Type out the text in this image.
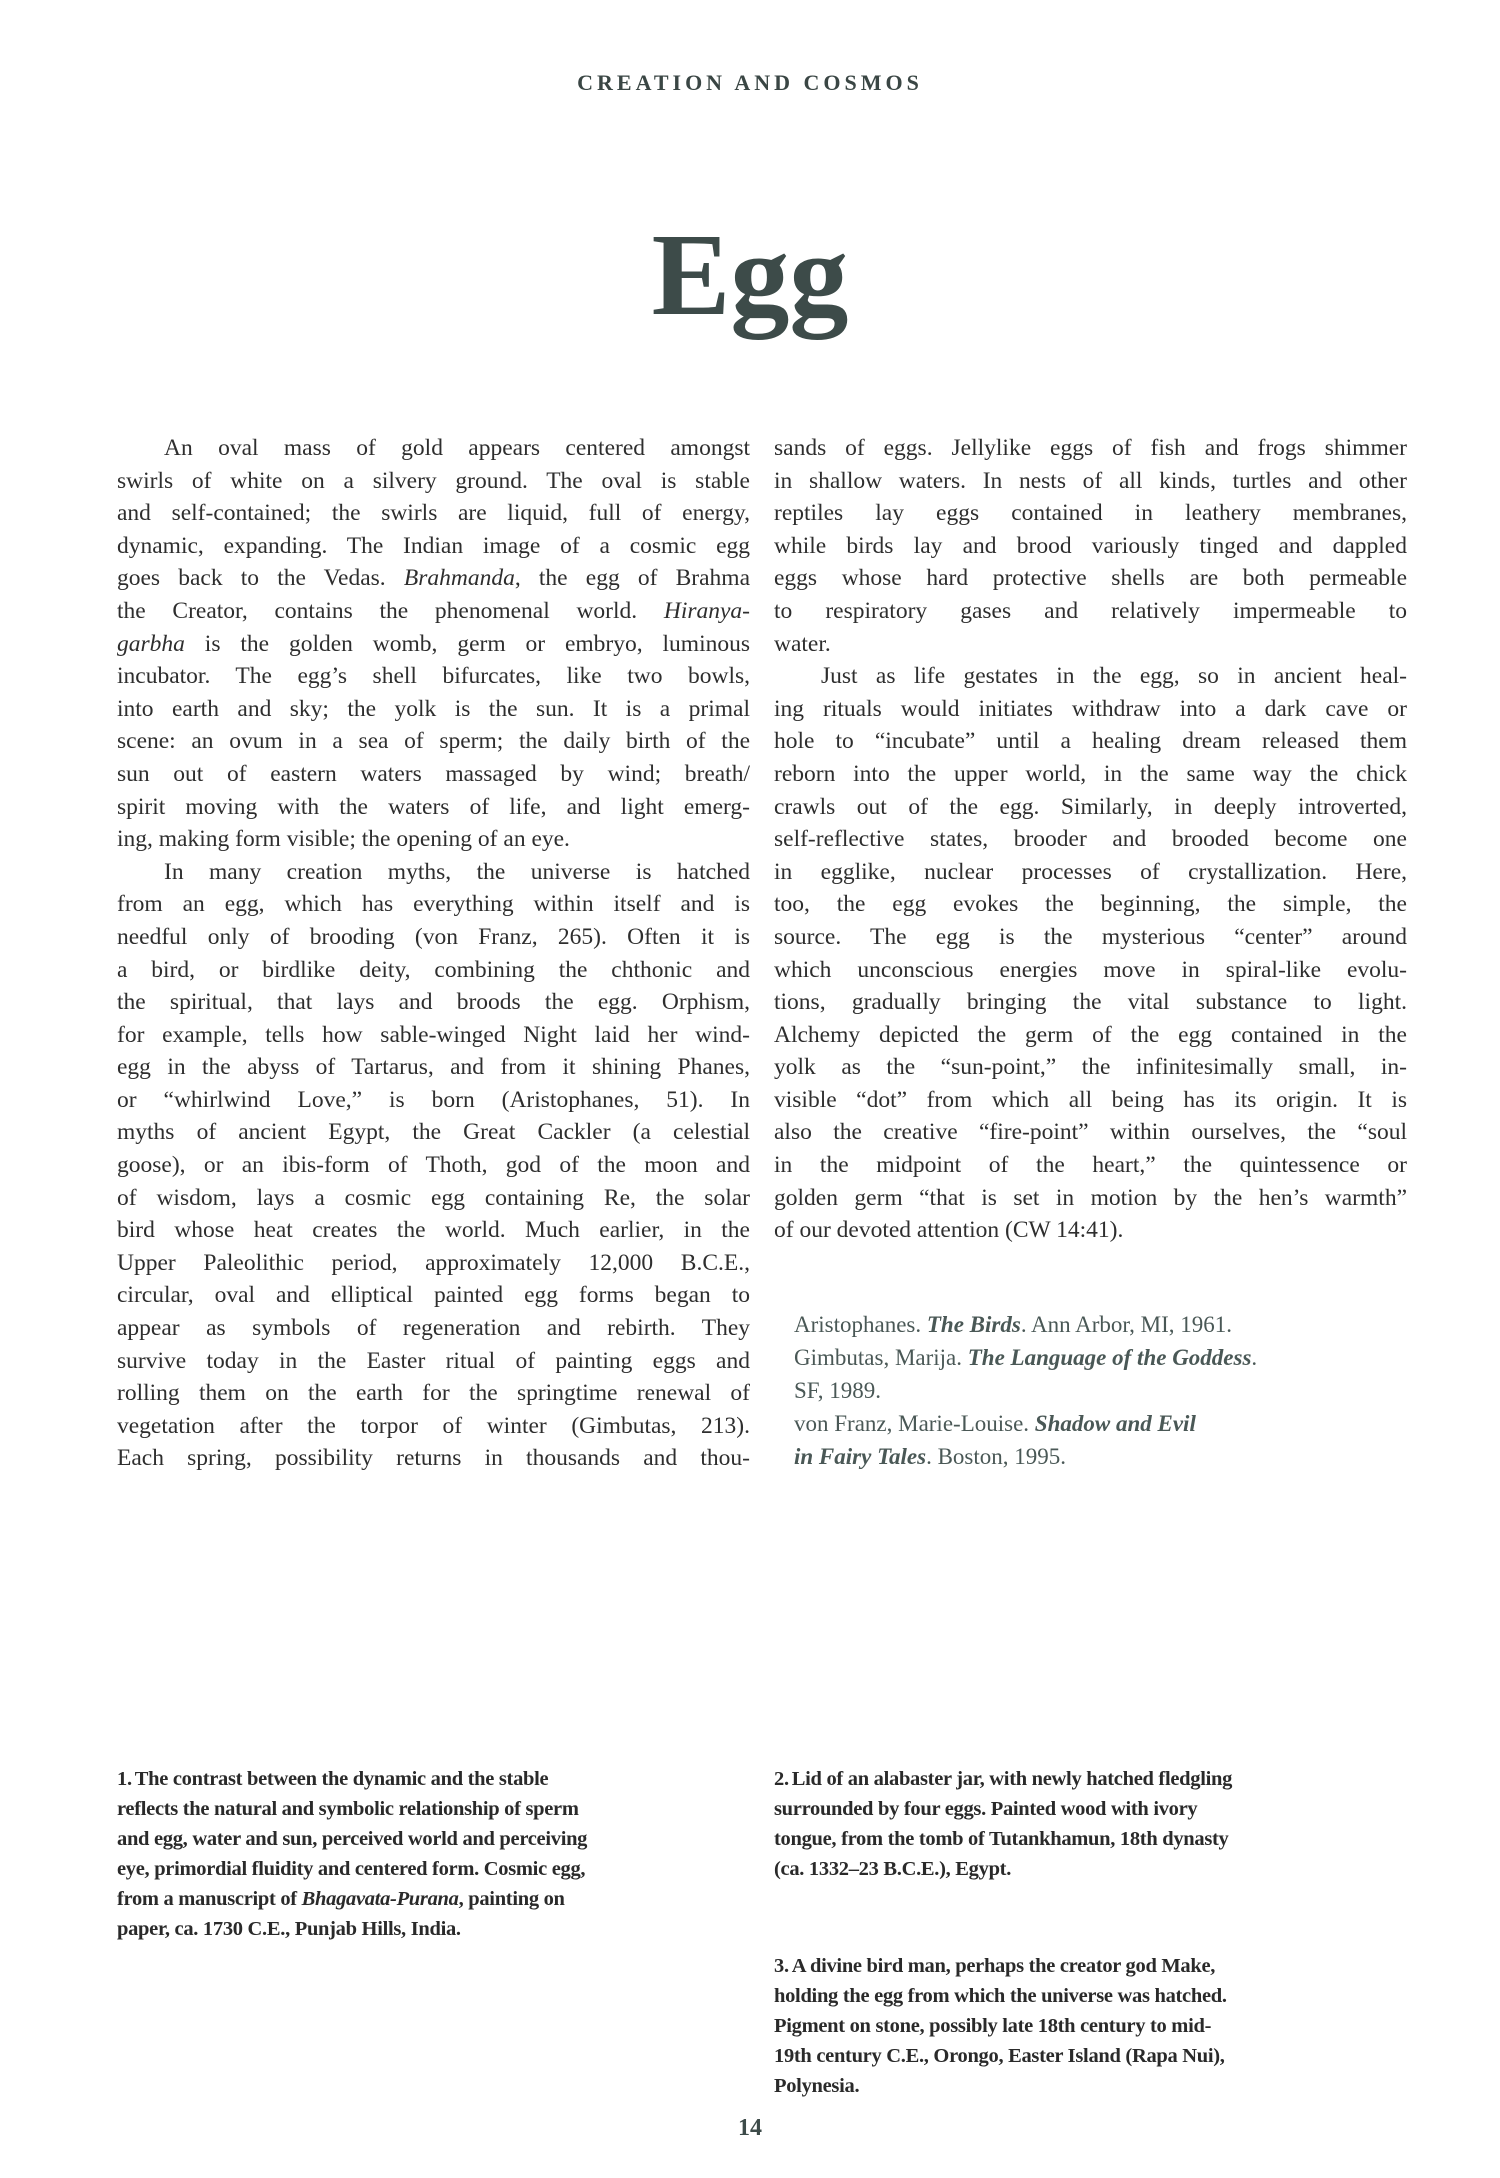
CREATION AND COSMOS
Egg
An oval mass of gold appears centered amongst
swirls of white on a silvery ground. The oval is stable
and self-contained; the swirls are liquid, full of energy,
dynamic, expanding. The Indian image of a cosmic egg
goes back to the Vedas. Brahmanda, the egg of Brahma
the Creator, contains the phenomenal world. Hiranya-
garbha is the golden womb, germ or embryo, luminous
incubator. The egg’s shell bifurcates, like two bowls,
into earth and sky; the yolk is the sun. It is a primal
scene: an ovum in a sea of sperm; the daily birth of the
sun out of eastern waters massaged by wind; breath/
spirit moving with the waters of life, and light emerg-
ing, making form visible; the opening of an eye.
In many creation myths, the universe is hatched
from an egg, which has everything within itself and is
needful only of brooding (von Franz, 265). Often it is
a bird, or birdlike deity, combining the chthonic and
the spiritual, that lays and broods the egg. Orphism,
for example, tells how sable-winged Night laid her wind-
egg in the abyss of Tartarus, and from it shining Phanes,
or “whirlwind Love,” is born (Aristophanes, 51). In
myths of ancient Egypt, the Great Cackler (a celestial
goose), or an ibis-form of Thoth, god of the moon and
of wisdom, lays a cosmic egg containing Re, the solar
bird whose heat creates the world. Much earlier, in the
Upper Paleolithic period, approximately 12,000 B.C.E.,
circular, oval and elliptical painted egg forms began to
appear as symbols of regeneration and rebirth. They
survive today in the Easter ritual of painting eggs and
rolling them on the earth for the springtime renewal of
vegetation after the torpor of winter (Gimbutas, 213).
Each spring, possibility returns in thousands and thou-
sands of eggs. Jellylike eggs of fish and frogs shimmer
in shallow waters. In nests of all kinds, turtles and other
reptiles lay eggs contained in leathery membranes,
while birds lay and brood variously tinged and dappled
eggs whose hard protective shells are both permeable
to respiratory gases and relatively impermeable to
water.
Just as life gestates in the egg, so in ancient heal-
ing rituals would initiates withdraw into a dark cave or
hole to “incubate” until a healing dream released them
reborn into the upper world, in the same way the chick
crawls out of the egg. Similarly, in deeply introverted,
self-reflective states, brooder and brooded become one
in egglike, nuclear processes of crystallization. Here,
too, the egg evokes the beginning, the simple, the
source. The egg is the mysterious “center” around
which unconscious energies move in spiral-like evolu-
tions, gradually bringing the vital substance to light.
Alchemy depicted the germ of the egg contained in the
yolk as the “sun-point,” the infinitesimally small, in-
visible “dot” from which all being has its origin. It is
also the creative “fire-point” within ourselves, the “soul
in the midpoint of the heart,” the quintessence or
golden germ “that is set in motion by the hen’s warmth”
of our devoted attention (CW 14:41).
Aristophanes. The Birds. Ann Arbor, MI, 1961.
Gimbutas, Marija. The Language of the Goddess.
SF, 1989.
von Franz, Marie-Louise. Shadow and Evil
in Fairy Tales. Boston, 1995.
1. The contrast between the dynamic and the stable
reflects the natural and symbolic relationship of sperm
and egg, water and sun, perceived world and perceiving
eye, primordial fluidity and centered form. Cosmic egg,
from a manuscript of Bhagavata-Purana, painting on
paper, ca. 1730 C.E., Punjab Hills, India.
2. Lid of an alabaster jar, with newly hatched fledgling
surrounded by four eggs. Painted wood with ivory
tongue, from the tomb of Tutankhamun, 18th dynasty
(ca. 1332–23 B.C.E.), Egypt.
3. A divine bird man, perhaps the creator god Make,
holding the egg from which the universe was hatched.
Pigment on stone, possibly late 18th century to mid-
19th century C.E., Orongo, Easter Island (Rapa Nui),
Polynesia.
14
